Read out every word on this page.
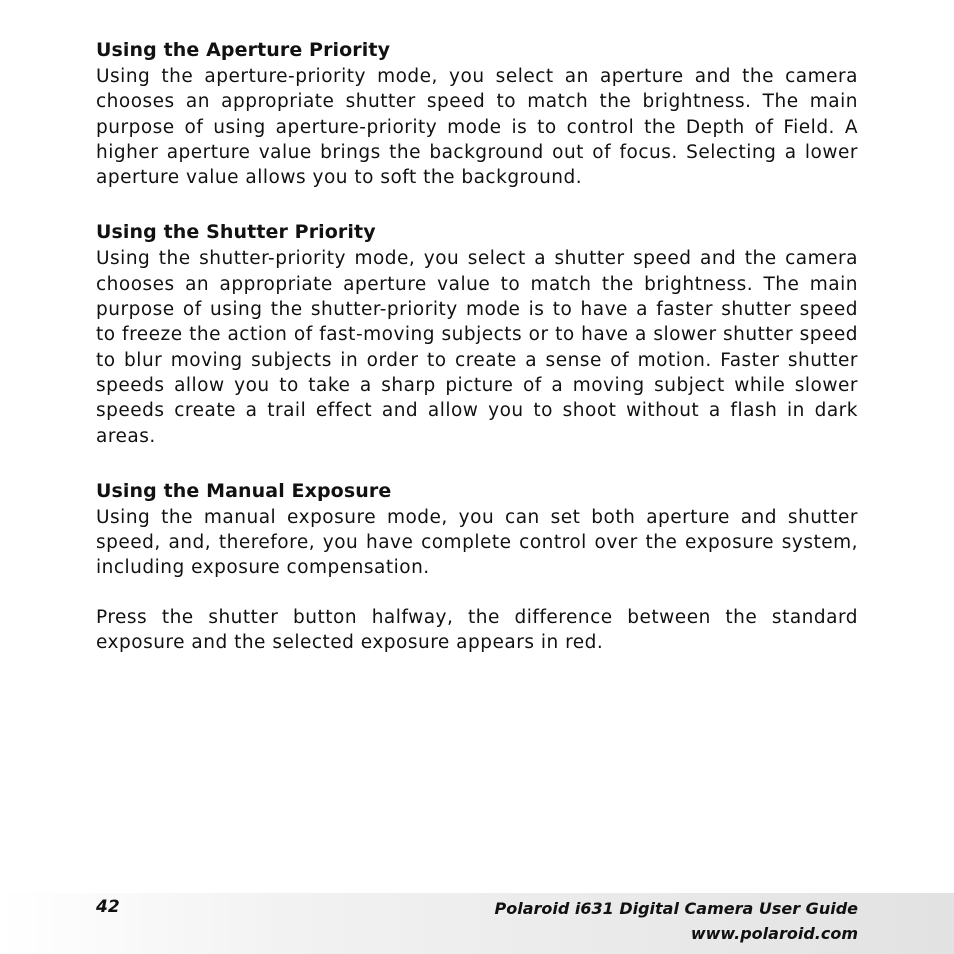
Using the Aperture Priority

Using the aperture-priority mode, you select an aperture and the camera chooses an appropriate shutter speed to match the brightness. The main purpose of using aperture-priority mode is to control the Depth of Field. A higher aperture value brings the background out of focus. Selecting a lower aperture value allows you to soft the background.

Using the Shutter Priority

Using the shutter-priority mode, you select a shutter speed and the camera chooses an appropriate aperture value to match the brightness. The main purpose of using the shutter-priority mode is to have a faster shutter speed to freeze the action of fast-moving subjects or to have a slower shutter speed to blur moving subjects in order to create a sense of motion. Faster shutter speeds allow you to take a sharp picture of a moving subject while slower speeds create a trail effect and allow you to shoot without a flash in dark areas.

Using the Manual Exposure

Using the manual exposure mode, you can set both aperture and shutter speed, and, therefore, you have complete control over the exposure system, including exposure compensation.

Press the shutter button halfway, the difference between the standard exposure and the selected exposure appears in red.

42	Polaroid i631 Digital Camera User Guide
www.polaroid.com
